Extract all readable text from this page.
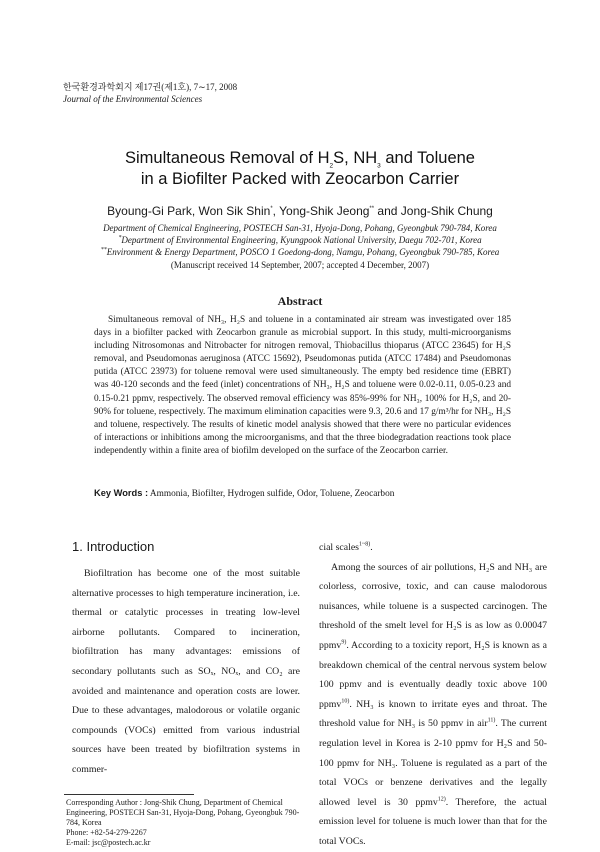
한국환경과학회지 제17권(제1호), 7∼17, 2008
Journal of the Environmental Sciences
Simultaneous Removal of $H_2S$, $NH_3$ and Toluene
in a Biofilter Packed with Zeocarbon Carrier
Byoung-Gi Park, Won Sik Shin*, Yong-Shik Jeong** and Jong-Shik Chung
Department of Chemical Engineering, POSTECH San-31, Hyoja-Dong, Pohang, Gyeongbuk 790-784, Korea
*Department of Environmental Engineering, Kyungpook National University, Daegu 702-701, Korea
**Environment & Energy Department, POSCO 1 Goedong-dong, Namgu, Pohang, Gyeongbuk 790-785, Korea
(Manuscript received 14 September, 2007; accepted 4 December, 2007)
Abstract

Simultaneous removal of NH₃, H₂S and toluene in a contaminated air stream was investigated over 185 days in a biofilter packed with Zeocarbon granule as microbial support. In this study, multi-microorganisms including Nitrosomonas and Nitrobacter for nitrogen removal, Thiobacillus thioparus (ATCC 23645) for H₂S removal, and Pseudomonas aeruginosa (ATCC 15692), Pseudomonas putida (ATCC 17484) and Pseudomonas putida (ATCC 23973) for toluene removal were used simultaneously. The empty bed residence time (EBRT) was 40-120 seconds and the feed (inlet) concentrations of NH₃, H₂S and toluene were 0.02-0.11, 0.05-0.23 and 0.15-0.21 ppmv, respectively. The observed removal efficiency was 85%-99% for NH₃, 100% for H₂S, and 20-90% for toluene, respectively. The maximum elimination capacities were 9.3, 20.6 and 17 g/m³/hr for NH₃, H₂S and toluene, respectively. The results of kinetic model analysis showed that there were no particular evidences of interactions or inhibitions among the microorganisms, and that the three biodegradation reactions took place independently within a finite area of biofilm developed on the surface of the Zeocarbon carrier.

Key Words : Ammonia, Biofilter, Hydrogen sulfide, Odor, Toluene, Zeocarbon
1. Introduction

Biofiltration has become one of the most suitable alternative processes to high temperature incineration, i.e. thermal or catalytic processes in treating low-level airborne pollutants. Compared to incineration, biofiltration has many advantages: emissions of secondary pollutants such as SOₓ, NOₓ, and CO₂ are avoided and maintenance and operation costs are lower. Due to these advantages, malodorous or volatile organic compounds (VOCs) emitted from various industrial sources have been treated by biofiltration systems in commer-

cial scales$^{1\sim 8)}$.

Among the sources of air pollutions, H₂S and NH₃ are colorless, corrosive, toxic, and can cause malodorous nuisances, while toluene is a suspected carcinogen. The threshold of the smelt level for H₂S is as low as 0.00047 ppmv$^{9)}$. According to a toxicity report, H₂S is known as a breakdown chemical of the central nervous system below 100 ppmv and is eventually deadly toxic above 100 ppmv$^{10)}$. NH₃ is known to irritate eyes and throat. The threshold value for NH₃ is 50 ppmv in air$^{11)}$. The current regulation level in Korea is 2-10 ppmv for H₂S and 50-100 ppmv for NH₃. Toluene is regulated as a part of the total VOCs or benzene derivatives and the legally allowed level is 30 ppmv$^{12)}$. Therefore, the actual emission level for toluene is much lower than that for the total VOCs.

Corresponding Author : Jong-Shik Chung, Department of Chemical Engineering, POSTECH San-31, Hyoja-Dong, Pohang, Gyeongbuk 790-784, Korea
Phone: +82-54-279-2267
E-mail: jsc@postech.ac.kr
